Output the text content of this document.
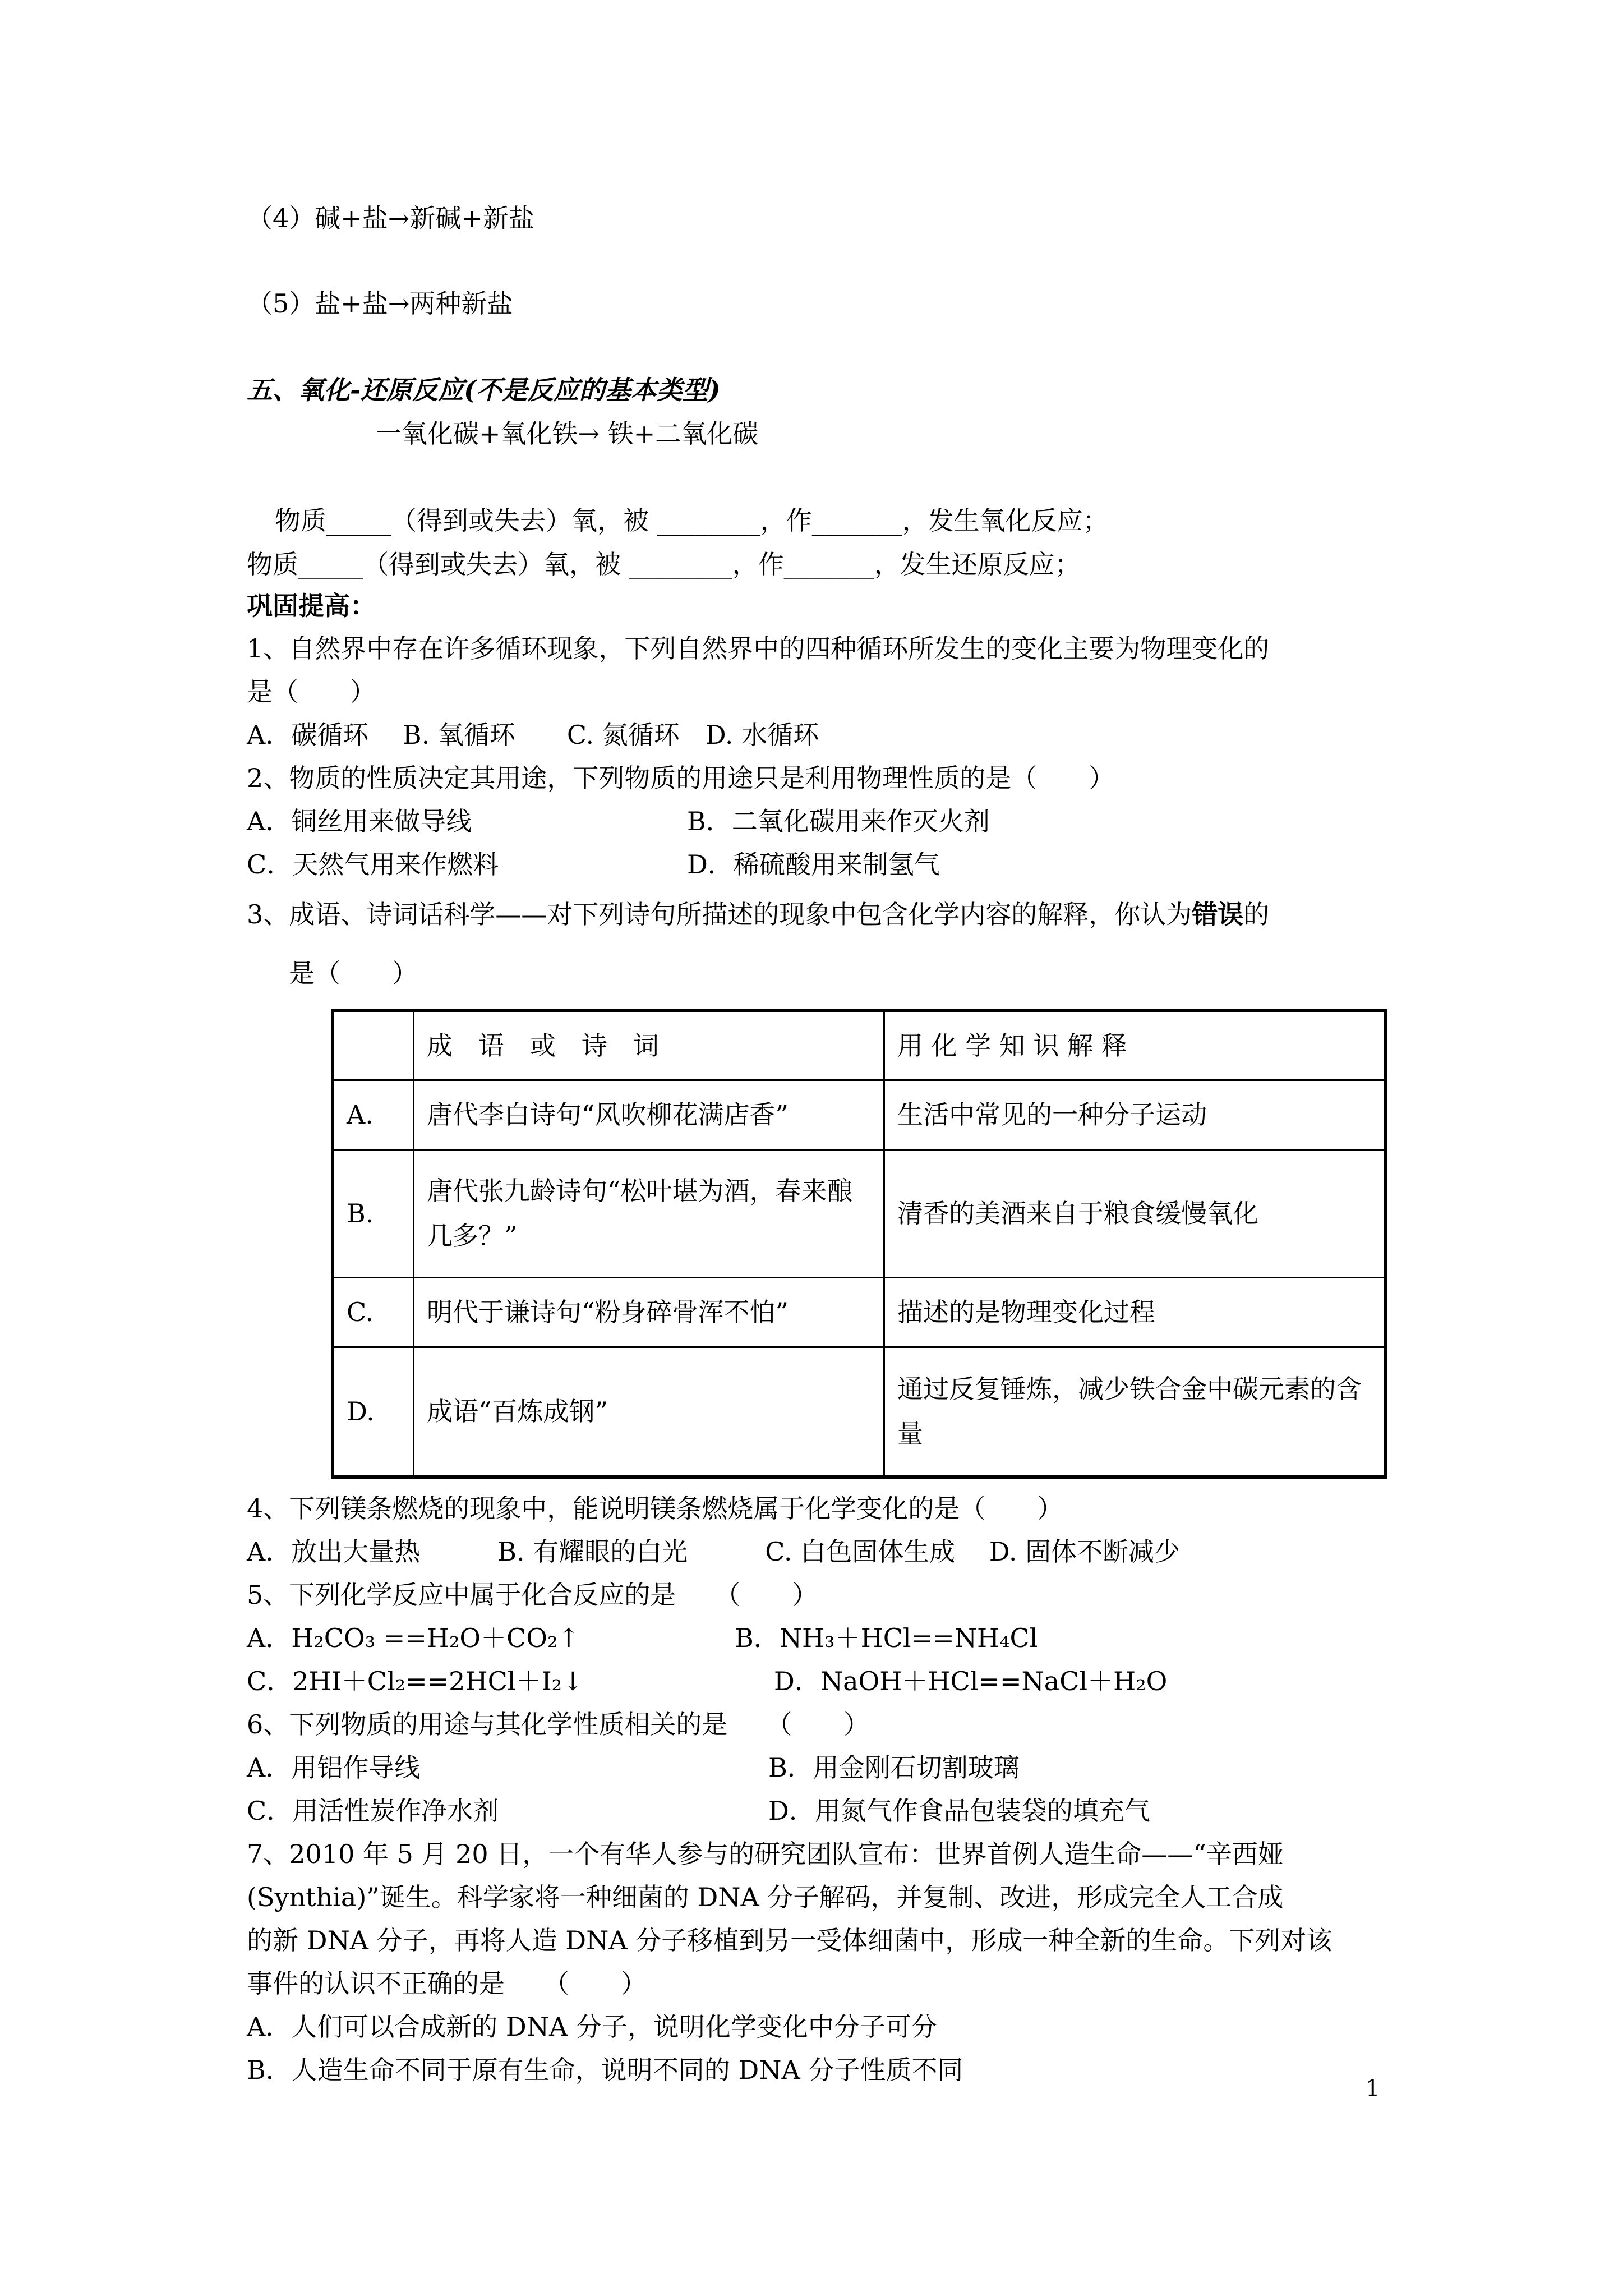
（4）碱+盐→新碱+新盐
（5）盐+盐→两种新盐
五、氧化-还原反应(不是反应的基本类型)
一氧化碳+氧化铁→ 铁+二氧化碳
物质_____（得到或失去）氧，被 ________，作_______，发生氧化反应；
物质_____（得到或失去）氧，被 ________，作_______，发生还原反应；
巩固提高：
1、自然界中存在许多循环现象，下列自然界中的四种循环所发生的变化主要为物理变化的
是（　　）
A．碳循环　 B. 氧循环　　C. 氮循环　D. 水循环
2、物质的性质决定其用途，下列物质的用途只是利用物理性质的是（　　）
A．铜丝用来做导线	B．二氧化碳用来作灭火剂
C．天然气用来作燃料	D．稀硫酸用来制氢气
3、成语、诗词话科学——对下列诗句所描述的现象中包含化学内容的解释，你认为错误的
是（　　）
	成　语　或　诗　词	用 化 学 知 识 解 释
A.	唐代李白诗句“风吹柳花满店香”	生活中常见的一种分子运动
B.	唐代张九龄诗句“松叶堪为酒，春来酿几多？”	清香的美酒来自于粮食缓慢氧化
C.	明代于谦诗句“粉身碎骨浑不怕”	描述的是物理变化过程
D.	成语“百炼成钢”	通过反复锤炼，减少铁合金中碳元素的含量
4、下列镁条燃烧的现象中，能说明镁条燃烧属于化学变化的是（　　）
A．放出大量热　　　B. 有耀眼的白光　　　C. 白色固体生成　 D. 固体不断减少
5、下列化学反应中属于化合反应的是　　（　　）
A．H₂CO₃ ==H₂O＋CO₂↑	B．NH₃＋HCl==NH₄Cl
C．2HI＋Cl₂==2HCl＋I₂↓	D．NaOH＋HCl==NaCl＋H₂O
6、下列物质的用途与其化学性质相关的是　　（　　）
A．用铝作导线	B．用金刚石切割玻璃
C．用活性炭作净水剂	D．用氮气作食品包装袋的填充气
7、2010 年 5 月 20 日，一个有华人参与的研究团队宣布：世界首例人造生命——“辛西娅
(Synthia)”诞生。科学家将一种细菌的 DNA 分子解码，并复制、改进，形成完全人工合成
的新 DNA 分子，再将人造 DNA 分子移植到另一受体细菌中，形成一种全新的生命。下列对该
事件的认识不正确的是　　（　　）
A．人们可以合成新的 DNA 分子，说明化学变化中分子可分
B．人造生命不同于原有生命，说明不同的 DNA 分子性质不同
1
